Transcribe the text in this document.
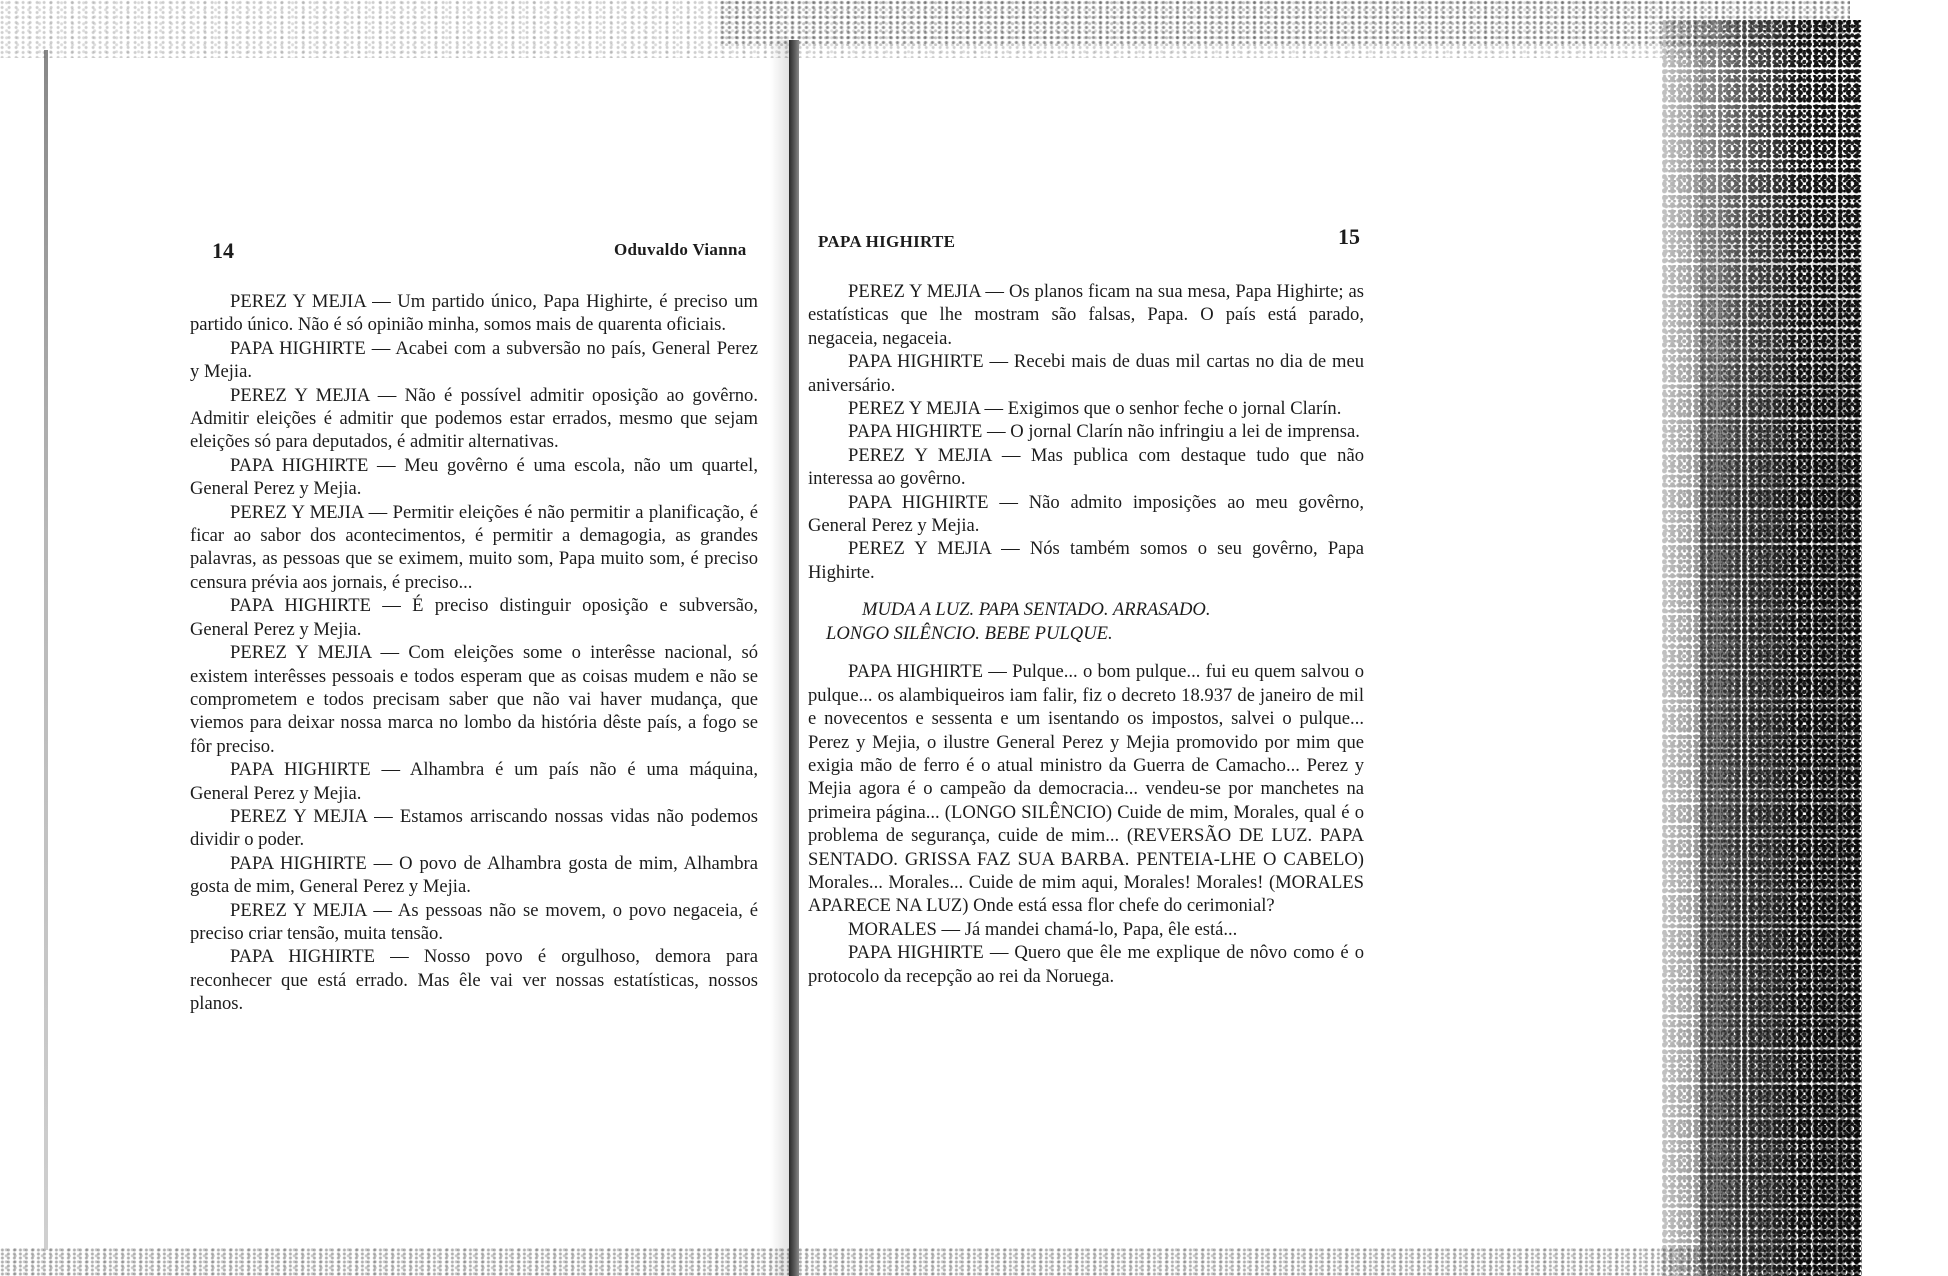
14	Oduvaldo Vianna

PEREZ Y MEJIA — Um partido único, Papa Highirte, é preciso um partido único. Não é só opinião minha, somos mais de quarenta oficiais.

PAPA HIGHIRTE — Acabei com a subversão no país, General Perez y Mejia.

PEREZ Y MEJIA — Não é possível admitir oposição ao govêrno. Admitir eleições é admitir que podemos estar errados, mesmo que sejam eleições só para deputados, é admitir alternativas.

PAPA HIGHIRTE — Meu govêrno é uma escola, não um quartel, General Perez y Mejia.

PEREZ Y MEJIA — Permitir eleições é não permitir a planificação, é ficar ao sabor dos acontecimentos, é permitir a demagogia, as grandes palavras, as pessoas que se eximem, muito som, Papa muito som, é preciso censura prévia aos jornais, é preciso...

PAPA HIGHIRTE — É preciso distinguir oposição e subversão, General Perez y Mejia.

PEREZ Y MEJIA — Com eleições some o interêsse nacional, só existem interêsses pessoais e todos esperam que as coisas mudem e não se comprometem e todos precisam saber que não vai haver mudança, que viemos para deixar nossa marca no lombo da história dêste país, a fogo se fôr preciso.

PAPA HIGHIRTE — Alhambra é um país não é uma máquina, General Perez y Mejia.

PEREZ Y MEJIA — Estamos arriscando nossas vidas não podemos dividir o poder.

PAPA HIGHIRTE — O povo de Alhambra gosta de mim, Alhambra gosta de mim, General Perez y Mejia.

PEREZ Y MEJIA — As pessoas não se movem, o povo negaceia, é preciso criar tensão, muita tensão.

PAPA HIGHIRTE — Nosso povo é orgulhoso, demora para reconhecer que está errado. Mas êle vai ver nossas estatísticas, nossos planos.

PAPA HIGHIRTE	15

PEREZ Y MEJIA — Os planos ficam na sua mesa, Papa Highirte; as estatísticas que lhe mostram são falsas, Papa. O país está parado, negaceia, negaceia.

PAPA HIGHIRTE — Recebi mais de duas mil cartas no dia de meu aniversário.

PEREZ Y MEJIA — Exigimos que o senhor feche o jornal Clarín.

PAPA HIGHIRTE — O jornal Clarín não infringiu a lei de imprensa.

PEREZ Y MEJIA — Mas publica com destaque tudo que não interessa ao govêrno.

PAPA HIGHIRTE — Não admito imposições ao meu govêrno, General Perez y Mejia.

PEREZ Y MEJIA — Nós também somos o seu govêrno, Papa Highirte.

MUDA A LUZ. PAPA SENTADO. ARRASADO.
LONGO SILÊNCIO. BEBE PULQUE.

PAPA HIGHIRTE — Pulque... o bom pulque... fui eu quem salvou o pulque... os alambiqueiros iam falir, fiz o decreto 18.937 de janeiro de mil e novecentos e sessenta e um isentando os impostos, salvei o pulque... Perez y Mejia, o ilustre General Perez y Mejia promovido por mim que exigia mão de ferro é o atual ministro da Guerra de Camacho... Perez y Mejia agora é o campeão da democracia... vendeu-se por manchetes na primeira página... (LONGO SILÊNCIO) Cuide de mim, Morales, qual é o problema de segurança, cuide de mim... (REVERSÃO DE LUZ. PAPA SENTADO. GRISSA FAZ SUA BARBA. PENTEIA-LHE O CABELO) Morales... Morales... Cuide de mim aqui, Morales! Morales! (MORALES APARECE NA LUZ) Onde está essa flor chefe do cerimonial?

MORALES — Já mandei chamá-lo, Papa, êle está...

PAPA HIGHIRTE — Quero que êle me explique de nôvo como é o protocolo da recepção ao rei da Noruega.
